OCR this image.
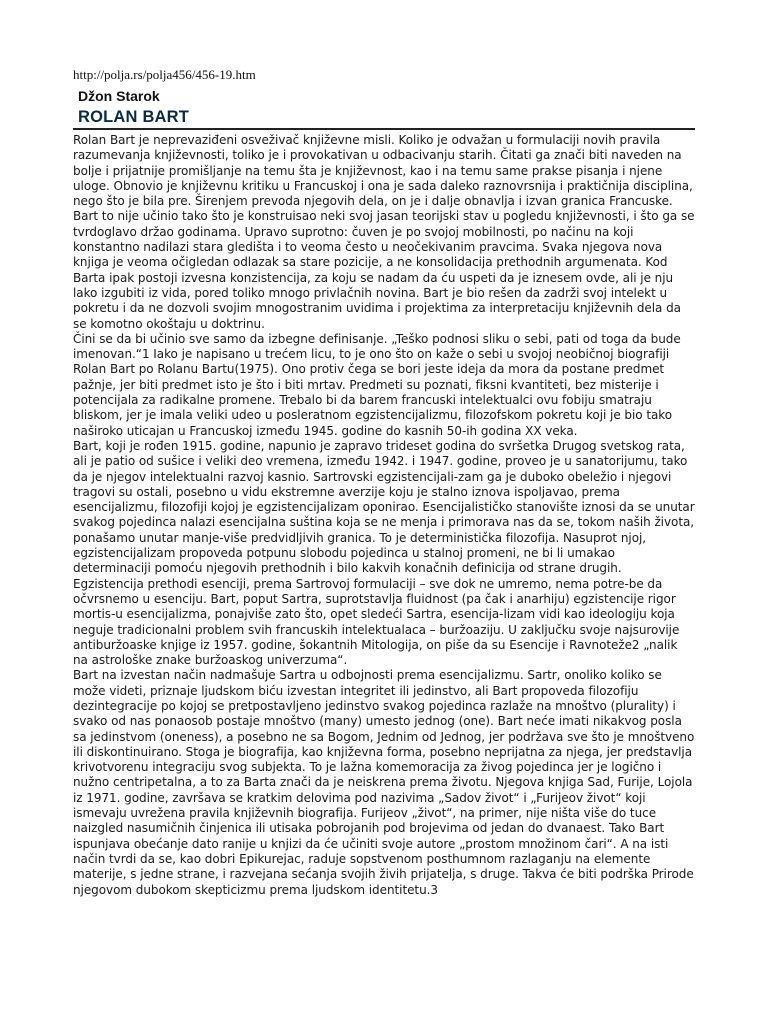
http://polja.rs/polja456/456-19.htm
Džon Starok
ROLAN BART

Rolan Bart je neprevaziđeni osveživač književne misli. Koliko je odvažan u formulaciji novih pravila razumevanja književnosti, toliko je i provokativan u odbacivanju starih. Čitati ga znači biti naveden na bolje i prijatnije promišljanje na temu šta je književnost, kao i na temu same prakse pisanja i njene uloge. Obnovio je književnu kritiku u Francuskoj i ona je sada daleko raznovrsnija i praktičnija disciplina, nego što je bila pre. Širenjem prevoda njegovih dela, on je i dalje obnavlja i izvan granica Francuske.

Bart to nije učinio tako što je konstruisao neki svoj jasan teorijski stav u pogledu književnosti, i što ga se tvrdoglavo držao godinama. Upravo suprotno: čuven je po svojoj mobilnosti, po načinu na koji konstantno nadilazi stara gledišta i to veoma često u neočekivanim pravcima. Svaka njegova nova knjiga je veoma očigledan odlazak sa stare pozicije, a ne konsolidacija prethodnih argumenata. Kod Barta ipak postoji izvesna konzistencija, za koju se nadam da ću uspeti da je iznesem ovde, ali je nju lako izgubiti iz vida, pored toliko mnogo privlačnih novina. Bart je bio rešen da zadrži svoj intelekt u pokretu i da ne dozvoli svojim mnogostranim uvidima i projektima za interpretaciju književnih dela da se komotno okoštaju u doktrinu.

Čini se da bi učinio sve samo da izbegne definisanje. „Teško podnosi sliku o sebi, pati od toga da bude imenovan.“1 Iako je napisano u trećem licu, to je ono što on kaže o sebi u svojoj neobičnoj biografiji Rolan Bart po Rolanu Bartu(1975). Ono protiv čega se bori jeste ideja da mora da postane predmet pažnje, jer biti predmet isto je što i biti mrtav. Predmeti su poznati, fiksni kvantiteti, bez misterije i potencijala za radikalne promene. Trebalo bi da barem francuski intelektualci ovu fobiju smatraju bliskom, jer je imala veliki udeo u posleratnom egzistencijalizmu, filozofskom pokretu koji je bio tako naširoko uticajan u Francuskoj između 1945. godine do kasnih 50-ih godina XX veka.

Bart, koji je rođen 1915. godine, napunio je zapravo trideset godina do svršetka Drugog svetskog rata, ali je patio od sušice i veliki deo vremena, između 1942. i 1947. godine, proveo je u sanatorijumu, tako da je njegov intelektualni razvoj kasnio. Sartrovski egzistencijali-zam ga je duboko obeležio i njegovi tragovi su ostali, posebno u vidu ekstremne averzije koju je stalno iznova ispoljavao, prema esencijalizmu, filozofiji kojoj je egzistencijalizam oponirao. Esencijalističko stanovište iznosi da se unutar svakog pojedinca nalazi esencijalna suština koja se ne menja i primorava nas da se, tokom naših života, ponašamo unutar manje-više predvidljivih granica. To je deterministička filozofija. Nasuprot njoj, egzistencijalizam propoveda potpunu slobodu pojedinca u stalnoj promeni, ne bi li umakao determinaciji pomoću njegovih prethodnih i bilo kakvih konačnih definicija od strane drugih. Egzistencija prethodi esenciji, prema Sartrovoj formulaciji – sve dok ne umremo, nema potre-be da očvrsnemo u esenciju. Bart, poput Sartra, suprotstavlja fluidnost (pa čak i anarhiju) egzistencije rigor mortis-u esencijalizma, ponajviše zato što, opet sledeći Sartra, esencija-lizam vidi kao ideologiju koja neguje tradicionalni problem svih francuskih intelektualaca – buržoaziju. U zaključku svoje najsurovije antiburžoaske knjige iz 1957. godine, šokantnih Mitologija, on piše da su Esencije i Ravnoteže2 „nalik na astrološke znake buržoaskog univerzuma“.

Bart na izvestan način nadmašuje Sartra u odbojnosti prema esencijalizmu. Sartr, onoliko koliko se može videti, priznaje ljudskom biću izvestan integritet ili jedinstvo, ali Bart propoveda filozofiju dezintegracije po kojoj se pretpostavljeno jedinstvo svakog pojedinca razlaže na mnoštvo (plurality) i svako od nas ponaosob postaje mnoštvo (many) umesto jednog (one). Bart neće imati nikakvog posla sa jedinstvom (oneness), a posebno ne sa Bogom, Jednim od Jednog, jer podržava sve što je mnoštveno ili diskontinuirano. Stoga je biografija, kao književna forma, posebno neprijatna za njega, jer predstavlja krivotvorenu integraciju svog subjekta. To je lažna komemoracija za živog pojedinca jer je logično i nužno centripetalna, a to za Barta znači da je neiskrena prema životu. Njegova knjiga Sad, Furije, Lojola iz 1971. godine, završava se kratkim delovima pod nazivima „Sadov život“ i „Furijeov život“ koji ismevaju uvrežena pravila književnih biografija. Furijeov „život“, na primer, nije ništa više do tuce naizgled nasumičnih činjenica ili utisaka pobrojanih pod brojevima od jedan do dvanaest. Tako Bart ispunjava obećanje dato ranije u knjizi da će učiniti svoje autore „prostom množinom čari“. A na isti način tvrdi da se, kao dobri Epikurejac, raduje sopstvenom posthumnom razlaganju na elemente materije, s jedne strane, i razvejana sećanja svojih živih prijatelja, s druge. Takva će biti podrška Prirode njegovom dubokom skepticizmu prema ljudskom identitetu.3
